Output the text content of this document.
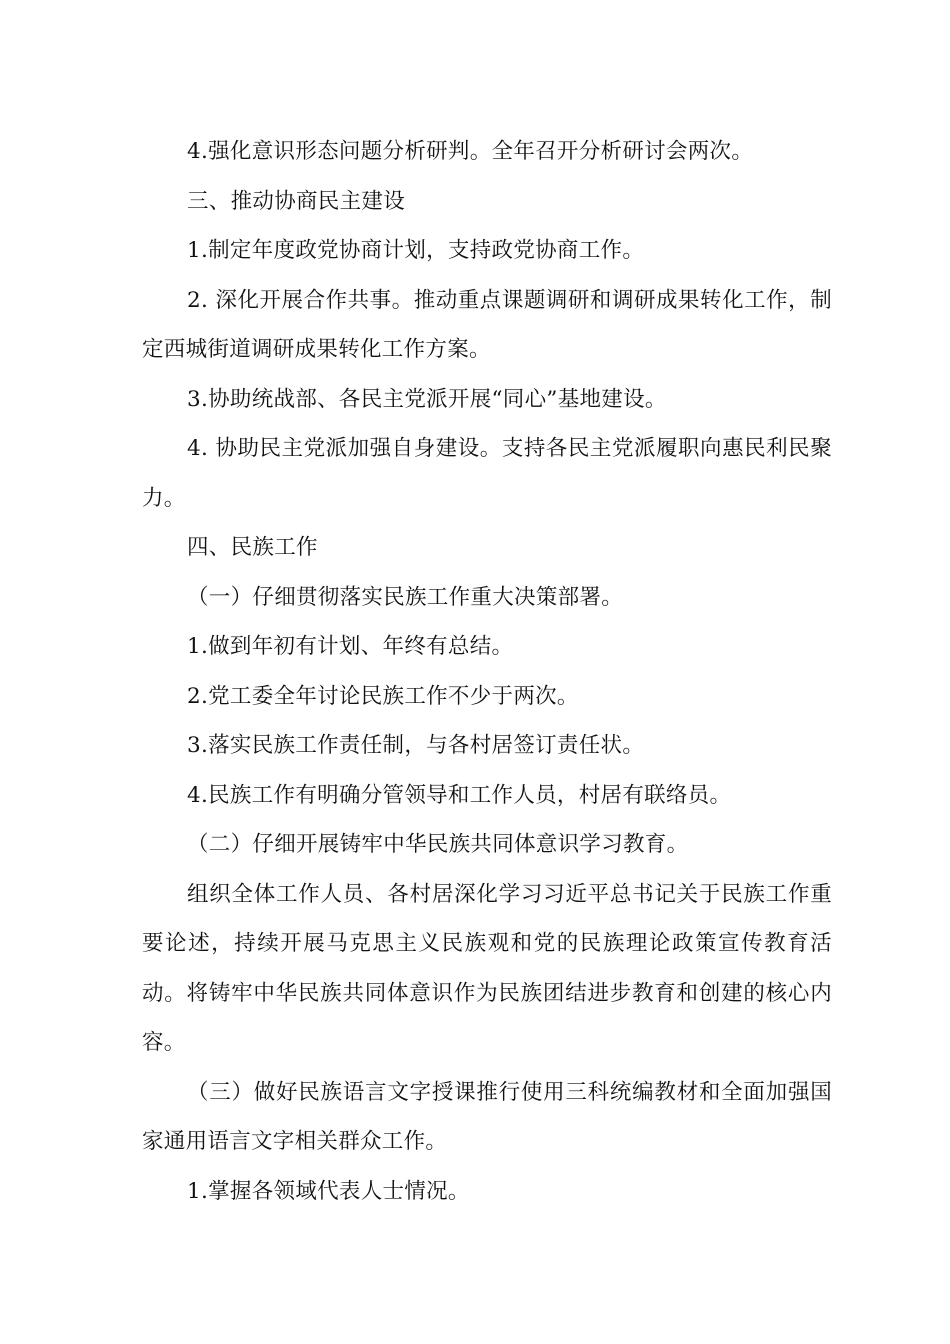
4.强化意识形态问题分析研判。全年召开分析研讨会两次。

三、推动协商民主建设

1.制定年度政党协商计划，支持政党协商工作。

2. 深化开展合作共事。推动重点课题调研和调研成果转化工作，制定西城街道调研成果转化工作方案。

3.协助统战部、各民主党派开展“同心”基地建设。

4. 协助民主党派加强自身建设。支持各民主党派履职向惠民利民聚力。

四、民族工作

（一）仔细贯彻落实民族工作重大决策部署。

1.做到年初有计划、年终有总结。

2.党工委全年讨论民族工作不少于两次。

3.落实民族工作责任制，与各村居签订责任状。

4.民族工作有明确分管领导和工作人员，村居有联络员。

（二）仔细开展铸牢中华民族共同体意识学习教育。

组织全体工作人员、各村居深化学习习近平总书记关于民族工作重要论述，持续开展马克思主义民族观和党的民族理论政策宣传教育活动。将铸牢中华民族共同体意识作为民族团结进步教育和创建的核心内容。

（三）做好民族语言文字授课推行使用三科统编教材和全面加强国家通用语言文字相关群众工作。

1.掌握各领域代表人士情况。
